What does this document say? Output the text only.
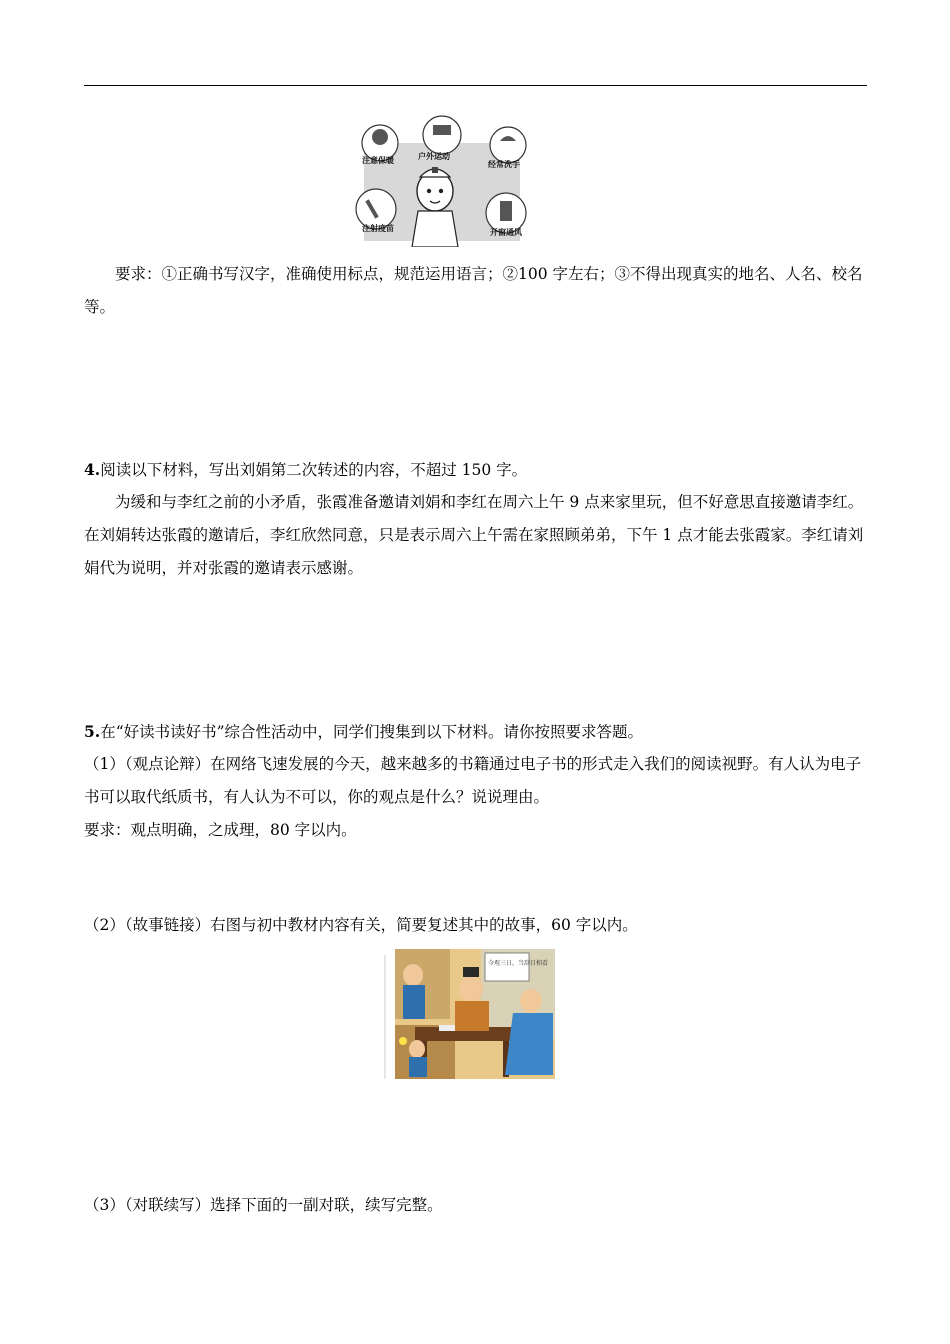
注意保暖	户外运动
经常洗手
注射疫苗	开窗通风
要求：①正确书写汉字，准确使用标点，规范运用语言；②100 字左右；③不得出现真实的地名、人名、校名等。
4.阅读以下材料，写出刘娟第二次转述的内容，不超过 150 字。
为缓和与李红之前的小矛盾，张霞准备邀请刘娟和李红在周六上午 9 点来家里玩，但不好意思直接邀请李红。在刘娟转达张霞的邀请后，李红欣然同意，只是表示周六上午需在家照顾弟弟，下午 1 点才能去张霞家。李红请刘娟代为说明，并对张霞的邀请表示感谢。
5.在“好读书读好书”综合性活动中，同学们搜集到以下材料。请你按照要求答题。
（1）（观点论辩）在网络飞速发展的今天，越来越多的书籍通过电子书的形式走入我们的阅读视野。有人认为电子书可以取代纸质书，有人认为不可以，你的观点是什么？说说理由。
要求：观点明确，之成理，80 字以内。
（2）（故事链接）右图与初中教材内容有关，简要复述其中的故事，60 字以内。
今观三日，当刮目相看
（3）（对联续写）选择下面的一副对联，续写完整。
